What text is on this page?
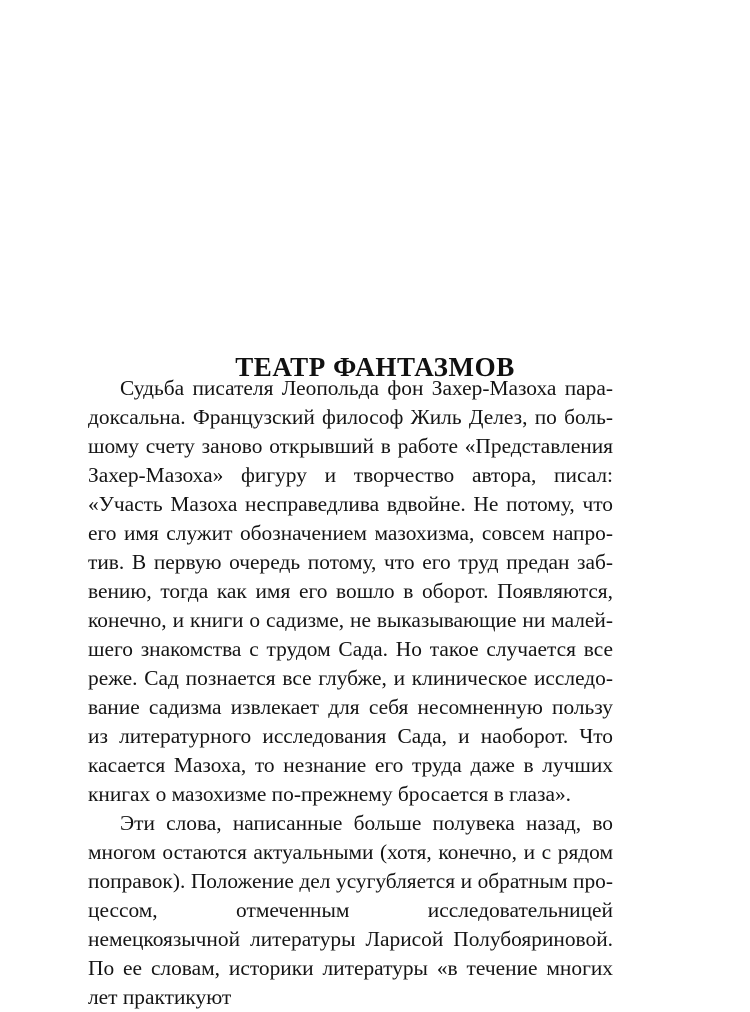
ТЕАТР ФАНТАЗМОВ

Судьба писателя Леопольда фон Захер-Мазоха парадоксальна. Французский философ Жиль Делез, по большому счету заново открывший в работе «Представления Захер-Мазоха» фигуру и творчество автора, писал: «Участь Мазоха несправедлива вдвойне. Не потому, что его имя служит обозначением мазохизма, совсем напротив. В первую очередь потому, что его труд предан забвению, тогда как имя его вошло в оборот. Появляются, конечно, и книги о садизме, не выказывающие ни малейшего знакомства с трудом Сада. Но такое случается все реже. Сад познается все глубже, и клиническое исследование садизма извлекает для себя несомненную пользу из литературного исследования Сада, и наоборот. Что касается Мазоха, то незнание его труда даже в лучших книгах о мазохизме по-прежнему бросается в глаза».

Эти слова, написанные больше полувека назад, во многом остаются актуальными (хотя, конечно, и с рядом поправок). Положение дел усугубляется и обратным процессом, отмеченным исследовательницей немецкоязычной литературы Ларисой Полубояриновой. По ее словам, историки литературы «в течение многих лет практикуют
